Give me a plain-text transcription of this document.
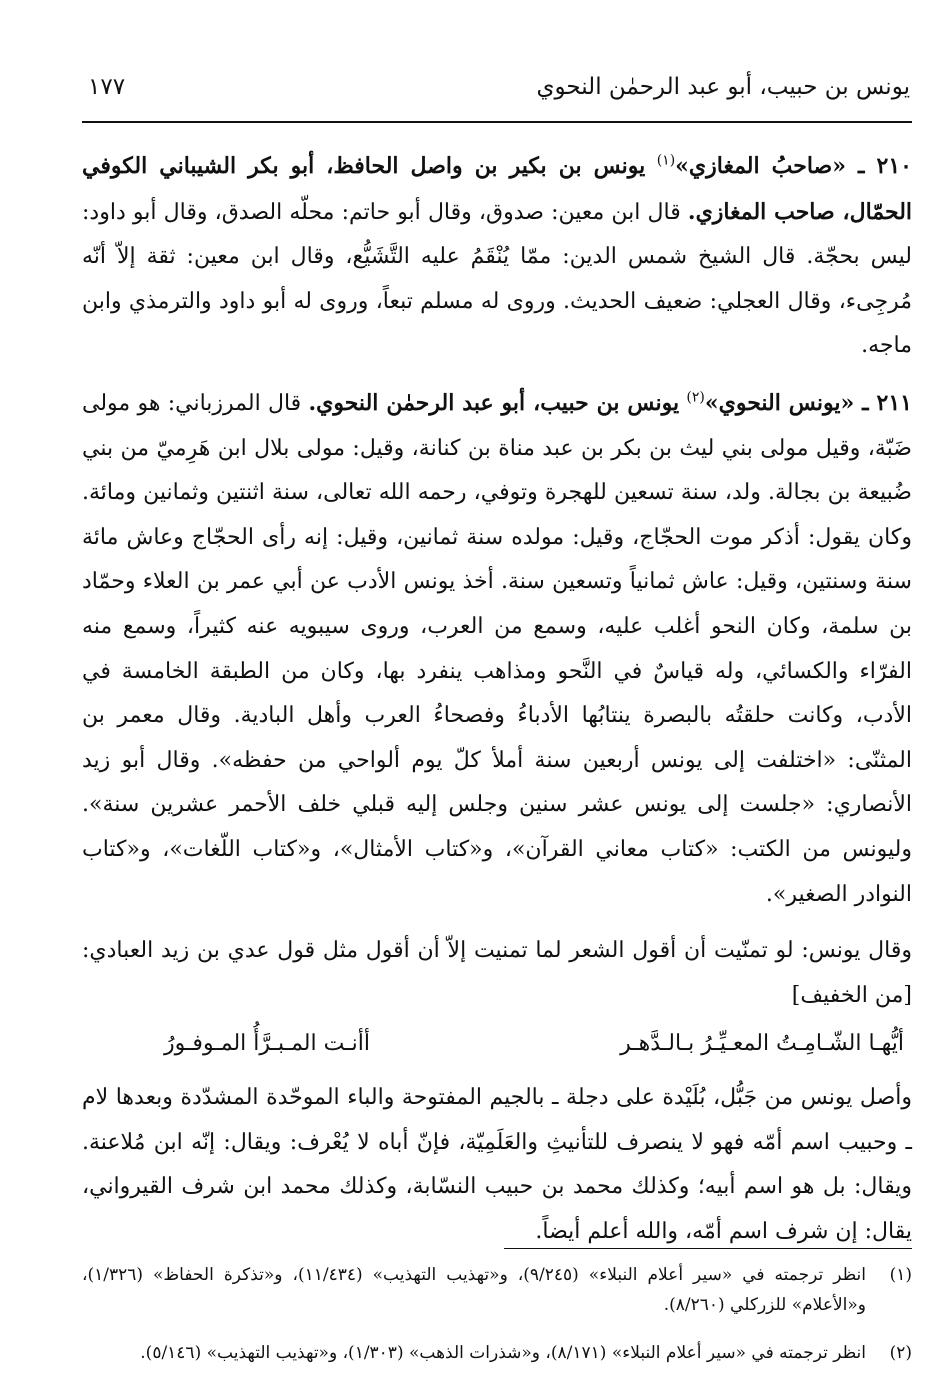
يونس بن حبيب، أبو عبد الرحمٰن النحوي
١٧٧

٢١٠ ـ «صاحبُ المغازي»$^{(١)}$ يونس بن بكير بن واصل الحافظ، أبو بكر الشيباني الكوفي الحمّال، صاحب المغازي. قال ابن معين: صدوق، وقال أبو حاتم: محلّه الصدق، وقال أبو داود: ليس بحجّة. قال الشيخ شمس الدين: ممّا يُنْقَمُ عليه التَّشَيُّع، وقال ابن معين: ثقة إلاّ أنّه مُرجِىء، وقال العجلي: ضعيف الحديث. وروى له مسلم تبعاً، وروى له أبو داود والترمذي وابن ماجه.

٢١١ ـ «يونس النحوي»$^{(٢)}$ يونس بن حبيب، أبو عبد الرحمٰن النحوي. قال المرزباني: هو مولى ضَبّة، وقيل مولى بني ليث بن بكر بن عبد مناة بن كنانة، وقيل: مولى بلال ابن هَرِميّ من بني ضُبيعة بن بجالة. ولد، سنة تسعين للهجرة وتوفي، رحمه الله تعالى، سنة اثنتين وثمانين ومائة. وكان يقول: أذكر موت الحجّاج، وقيل: مولده سنة ثمانين، وقيل: إنه رأى الحجّاج وعاش مائة سنة وسنتين، وقيل: عاش ثمانياً وتسعين سنة. أخذ يونس الأدب عن أبي عمر بن العلاء وحمّاد بن سلمة، وكان النحو أغلب عليه، وسمع من العرب، وروى سيبويه عنه كثيراً، وسمع منه الفرّاء والكسائي، وله قياسٌ في النَّحو ومذاهب ينفرد بها، وكان من الطبقة الخامسة في الأدب، وكانت حلقتُه بالبصرة ينتابُها الأدباءُ وفصحاءُ العرب وأهل البادية. وقال معمر بن المثنّى: «اختلفت إلى يونس أربعين سنة أملأ كلّ يوم ألواحي من حفظه». وقال أبو زيد الأنصاري: «جلست إلى يونس عشر سنين وجلس إليه قبلي خلف الأحمر عشرين سنة». وليونس من الكتب: «كتاب معاني القرآن»، و«كتاب الأمثال»، و«كتاب اللّغات»، و«كتاب النوادر الصغير».

وقال يونس: لو تمنّيت أن أقول الشعر لما تمنيت إلاّ أن أقول مثل قول عدي بن زيد العبادي: [من الخفيف]

أيُّهـا الشّـامِـتُ المعـيِّـرُ بـالـدَّهـر
أأنـت المـبـرَّأُ المـوفـورُ

وأصل يونس من جَبُّل، بُلَيْدة على دجلة ـ بالجيم المفتوحة والباء الموحّدة المشدّدة وبعدها لام ـ وحبيب اسم أمّه فهو لا ينصرف للتأنيثِ والعَلَمِيّة، فإنّ أباه لا يُعْرف: ويقال: إنّه ابن مُلاعنة. ويقال: بل هو اسم أبيه؛ وكذلك محمد بن حبيب النسّابة، وكذلك محمد ابن شرف القيرواني، يقال: إن شرف اسم أمّه، والله أعلم أيضاً.

(١)
انظر ترجمته في «سير أعلام النبلاء» (٩/٢٤٥)، و«تهذيب التهذيب» (١١/٤٣٤)، و«تذكرة الحفاظ» (١/٣٢٦)، و«الأعلام» للزركلي (٨/٢٦٠).
(٢)
انظر ترجمته في «سير أعلام النبلاء» (٨/١٧١)، و«شذرات الذهب» (١/٣٠٣)، و«تهذيب التهذيب» (٥/١٤٦).
